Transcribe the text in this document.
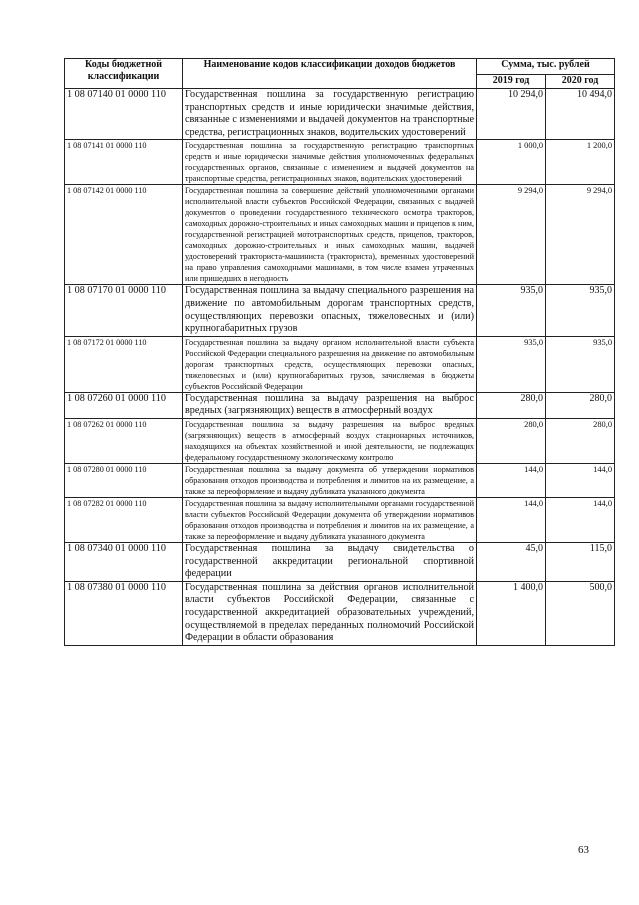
Коды бюджетной классификации	Наименование кодов классификации доходов бюджетов	Сумма, тыс. рублей	
		2019 год	2020 год
1 08 07140 01 0000 110	Государственная пошлина за государственную регистрацию транспортных средств и иные юридически значимые действия, связанные с изменениями и выдачей документов на транспортные средства, регистрационных знаков, водительских удостоверений	10 294,0	10 494,0
1 08 07141 01 0000 110	Государственная пошлина за государственную регистрацию транспортных средств и иные юридически значимые действия уполномоченных федеральных государственных органов, связанные с изменением и выдачей документов на транспортные средства, регистрационных знаков, водительских удостоверений	1 000,0	1 200,0
1 08 07142 01 0000 110	Государственная пошлина за совершение действий уполномоченными органами исполнительной власти субъектов Российской Федерации, связанных с выдачей документов о проведении государственного технического осмотра тракторов, самоходных дорожно-строительных и иных самоходных машин и прицепов к ним, государственной регистрацией мототранспортных средств, прицепов, тракторов, самоходных дорожно-строительных и иных самоходных машин, выдачей удостоверений тракториста-машиниста (тракториста), временных удостоверений на право управления самоходными машинами, в том числе взамен утраченных или пришедших в негодность	9 294,0	9 294,0
1 08 07170 01 0000 110	Государственная пошлина за выдачу специального разрешения на движение по автомобильным дорогам транспортных средств, осуществляющих перевозки опасных, тяжеловесных и (или) крупногабаритных грузов	935,0	935,0
1 08 07172 01 0000 110	Государственная пошлина за выдачу органом исполнительной власти субъекта Российской Федерации специального разрешения на движение по автомобильным дорогам транспортных средств, осуществляющих перевозки опасных, тяжеловесных и (или) крупногабаритных грузов, зачисляемая в бюджеты субъектов Российской Федерации	935,0	935,0
1 08 07260 01 0000 110	Государственная пошлина за выдачу разрешения на выброс вредных (загрязняющих) веществ в атмосферный воздух	280,0	280,0
1 08 07262 01 0000 110	Государственная пошлина за выдачу разрешения на выброс вредных (загрязняющих) веществ в атмосферный воздух стационарных источников, находящихся на объектах хозяйственной и иной деятельности, не подлежащих федеральному государственному экологическому контролю	280,0	280,0
1 08 07280 01 0000 110	Государственная пошлина за выдачу документа об утверждении нормативов образования отходов производства и потребления и лимитов на их размещение, а также за переоформление и выдачу дубликата указанного документа	144,0	144,0
1 08 07282 01 0000 110	Государственная пошлина за выдачу исполнительными органами государственной власти субъектов Российской Федерации документа об утверждении нормативов образования отходов производства и потребления и лимитов на их размещение, а также за переоформление и выдачу дубликата указанного документа	144,0	144,0
1 08 07340 01 0000 110	Государственная пошлина за выдачу свидетельства о государственной аккредитации региональной спортивной федерации	45,0	115,0
1 08 07380 01 0000 110	Государственная пошлина за действия органов исполнительной власти субъектов Российской Федерации, связанные с государственной аккредитацией образовательных учреждений, осуществляемой в пределах переданных полномочий Российской Федерации в области образования	1 400,0	500,0
63
